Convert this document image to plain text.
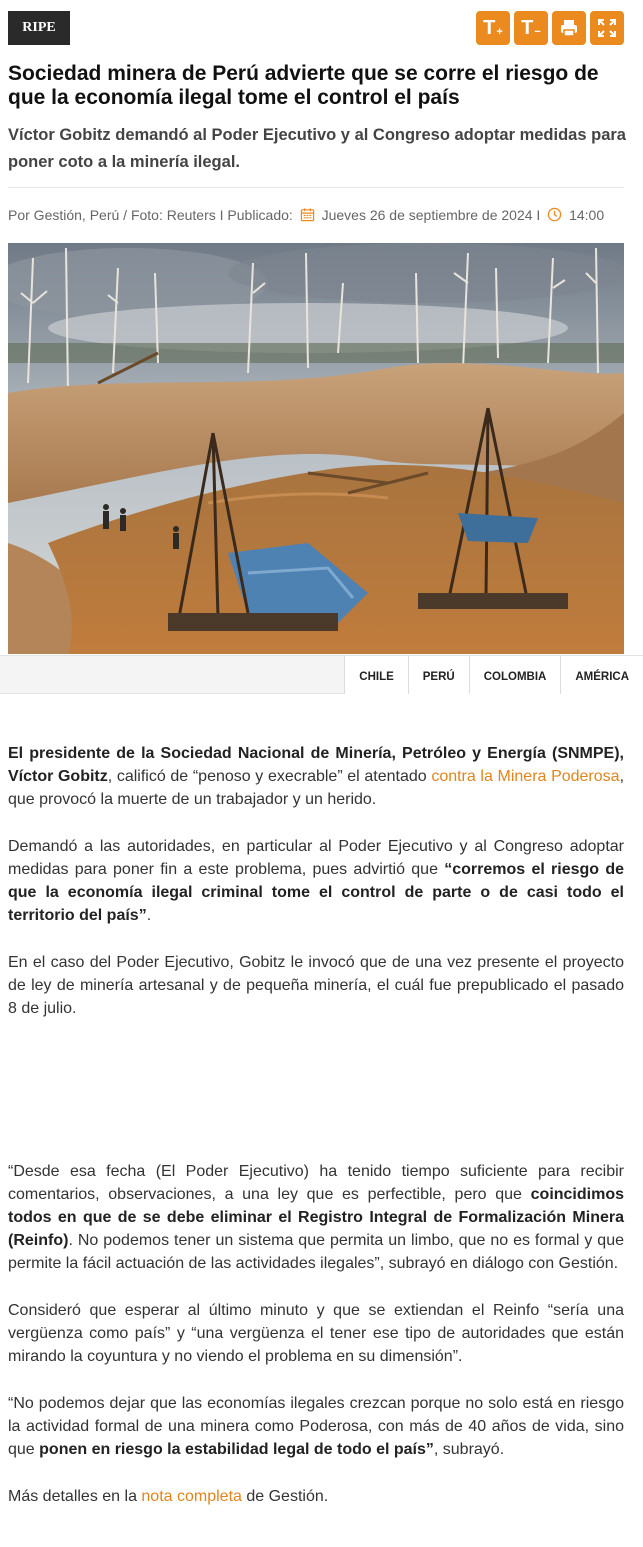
RIPE	$T_+$ $T_-$
Sociedad minera de Perú advierte que se corre el riesgo de que la economía ilegal tome el control el país
Víctor Gobitz demandó al Poder Ejecutivo y al Congreso adoptar medidas para poner coto a la minería ilegal.
Por Gestión, Perú / Foto: Reuters I Publicado: Jueves 26 de septiembre de 2024 I 14:00
CHILE	PERÚ	COLOMBIA	AMÉRICA

El presidente de la Sociedad Nacional de Minería, Petróleo y Energía (SNMPE), Víctor Gobitz, calificó de “penoso y execrable” el atentado contra la Minera Poderosa, que provocó la muerte de un trabajador y un herido.

Demandó a las autoridades, en particular al Poder Ejecutivo y al Congreso adoptar medidas para poner fin a este problema, pues advirtió que “corremos el riesgo de que la economía ilegal criminal tome el control de parte o de casi todo el territorio del país”.

En el caso del Poder Ejecutivo, Gobitz le invocó que de una vez presente el proyecto de ley de minería artesanal y de pequeña minería, el cuál fue prepublicado el pasado 8 de julio.

“Desde esa fecha (El Poder Ejecutivo) ha tenido tiempo suficiente para recibir comentarios, observaciones, a una ley que es perfectible, pero que coincidimos todos en que de se debe eliminar el Registro Integral de Formalización Minera (Reinfo). No podemos tener un sistema que permita un limbo, que no es formal y que permite la fácil actuación de las actividades ilegales”, subrayó en diálogo con Gestión.

Consideró que esperar al último minuto y que se extiendan el Reinfo “sería una vergüenza como país” y “una vergüenza el tener ese tipo de autoridades que están mirando la coyuntura y no viendo el problema en su dimensión”.

“No podemos dejar que las economías ilegales crezcan porque no solo está en riesgo la actividad formal de una minera como Poderosa, con más de 40 años de vida, sino que ponen en riesgo la estabilidad legal de todo el país”, subrayó.

Más detalles en la nota completa de Gestión.
